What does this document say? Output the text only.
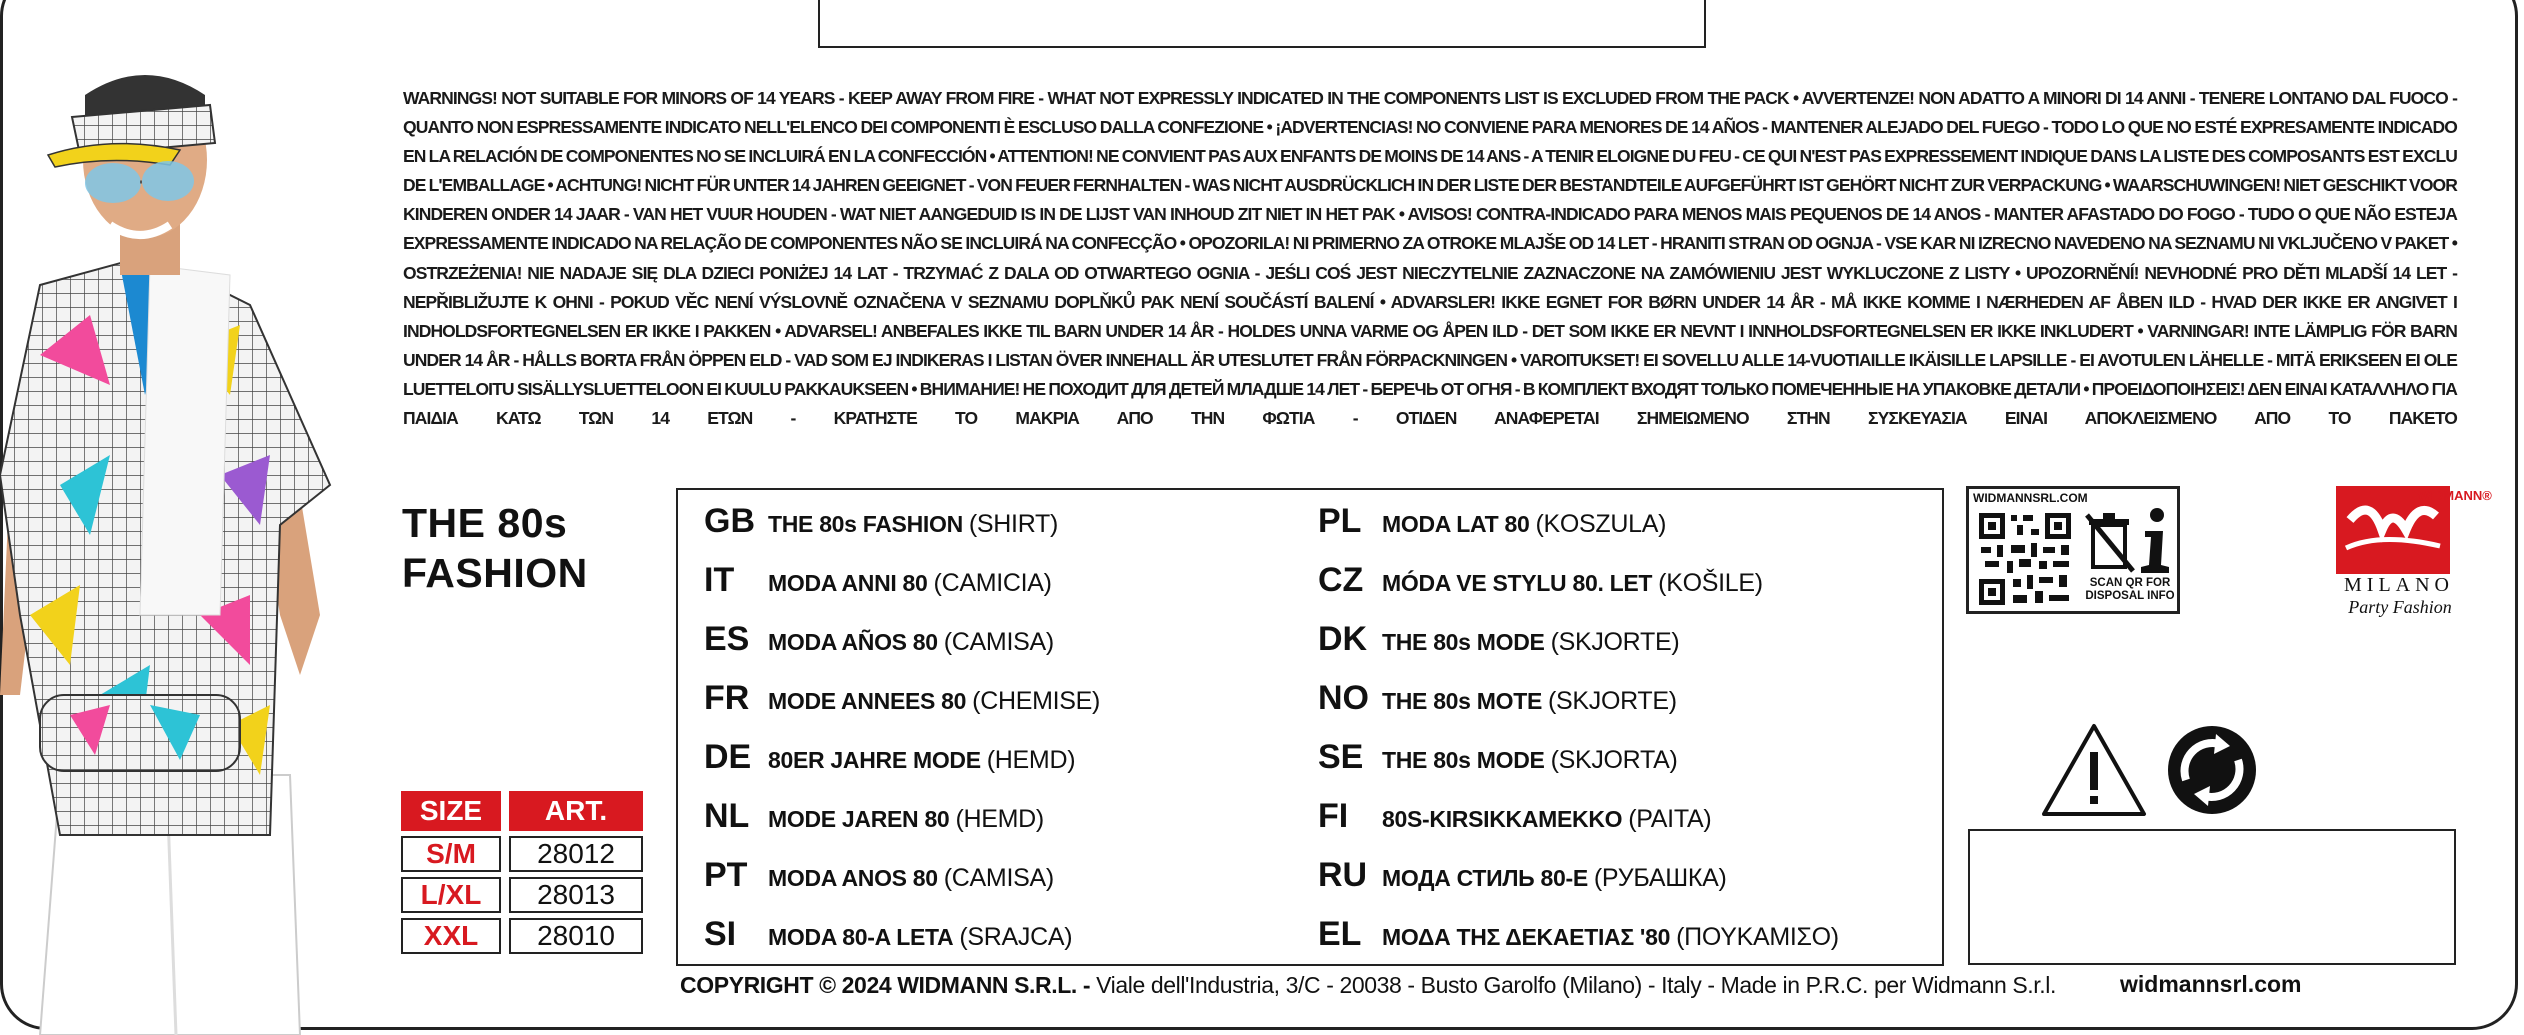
WARNINGS! NOT SUITABLE FOR MINORS OF 14 YEARS - KEEP AWAY FROM FIRE - WHAT NOT EXPRESSLY INDICATED IN THE COMPONENTS LIST IS EXCLUDED FROM THE PACK • AVVERTENZE! NON ADATTO A MINORI DI 14 ANNI - TENERE LONTANO DAL FUOCO - QUANTO NON ESPRESSAMENTE INDICATO NELL'ELENCO DEI COMPONENTI È ESCLUSO DALLA CONFEZIONE • ¡ADVERTENCIAS! NO CONVIENE PARA MENORES DE 14 AÑOS - MANTENER ALEJADO DEL FUEGO - TODO LO QUE NO ESTÉ EXPRESAMENTE INDICADO EN LA RELACIÓN DE COMPONENTES NO SE INCLUIRÁ EN LA CONFECCIÓN • ATTENTION! NE CONVIENT PAS AUX ENFANTS DE MOINS DE 14 ANS - A TENIR ELOIGNE DU FEU - CE QUI N'EST PAS EXPRESSEMENT INDIQUE DANS LA LISTE DES COMPOSANTS EST EXCLU DE L'EMBALLAGE • ACHTUNG! NICHT FÜR UNTER 14 JAHREN GEEIGNET - VON FEUER FERNHALTEN - WAS NICHT AUSDRÜCKLICH IN DER LISTE DER BESTANDTEILE AUFGEFÜHRT IST GEHÖRT NICHT ZUR VERPACKUNG • WAARSCHUWINGEN! NIET GESCHIKT VOOR KINDEREN ONDER 14 JAAR - VAN HET VUUR HOUDEN - WAT NIET AANGEDUID IS IN DE LIJST VAN INHOUD ZIT NIET IN HET PAK • AVISOS! CONTRA-INDICADO PARA MENOS MAIS PEQUENOS DE 14 ANOS - MANTER AFASTADO DO FOGO - TUDO O QUE NÃO ESTEJA EXPRESSAMENTE INDICADO NA RELAÇÃO DE COMPONENTES NÃO SE INCLUIRÁ NA CONFECÇÃO • OPOZORILA! NI PRIMERNO ZA OTROKE MLAJŠE OD 14 LET - HRANITI STRAN OD OGNJA - VSE KAR NI IZRECNO NAVEDENO NA SEZNAMU NI VKLJUČENO V PAKET • OSTRZEŻENIA! NIE NADAJE SIĘ DLA DZIECI PONIŻEJ 14 LAT - TRZYMAĆ Z DALA OD OTWARTEGO OGNIA - JEŚLI COŚ JEST NIECZYTELNIE ZAZNACZONE NA ZAMÓWIENIU JEST WYKLUCZONE Z LISTY • UPOZORNĚNÍ! NEVHODNÉ PRO DĚTI MLADŠÍ 14 LET - NEPŘIBLIŽUJTE K OHNI - POKUD VĚC NENÍ VÝSLOVNĚ OZNAČENA V SEZNAMU DOPLŇKŮ PAK NENÍ SOUČÁSTÍ BALENÍ • ADVARSLER! IKKE EGNET FOR BØRN UNDER 14 ÅR - MÅ IKKE KOMME I NÆRHEDEN AF ÅBEN ILD - HVAD DER IKKE ER ANGIVET I INDHOLDSFORTEGNELSEN ER IKKE I PAKKEN • ADVARSEL! ANBEFALES IKKE TIL BARN UNDER 14 ÅR - HOLDES UNNA VARME OG ÅPEN ILD - DET SOM IKKE ER NEVNT I INNHOLDSFORTEGNELSEN ER IKKE INKLUDERT • VARNINGAR! INTE LÄMPLIG FÖR BARN UNDER 14 ÅR - HÅLLS BORTA FRÅN ÖPPEN ELD - VAD SOM EJ INDIKERAS I LISTAN ÖVER INNEHALL ÄR UTESLUTET FRÅN FÖRPACKNINGEN • VAROITUKSET! EI SOVELLU ALLE 14-VUOTIAILLE IKÄISILLE LAPSILLE - EI AVOTULEN LÄHELLE - MITÄ ERIKSEEN EI OLE LUETTELOITU SISÄLLYSLUETTELOON EI KUULU PAKKAUKSEEN • ВНИМАНИЕ! НЕ ПОХОДИТ ДЛЯ ДЕТЕЙ МЛАДШЕ 14 ЛЕТ - БЕРЕЧЬ ОТ ОГНЯ - В КОМПЛЕКТ ВХОДЯТ ТОЛЬКО ПОМЕЧЕННЫЕ НА УПАКОВКЕ ДЕТАЛИ • ΠΡΟΕΙΔΟΠΟΙΗΣΕΙΣ! ΔΕΝ ΕΙΝΑΙ ΚΑΤΑΛΛΗΛΟ ΓΙΑ ΠΑΙΔΙΑ ΚΑΤΩ ΤΩΝ 14 ΕΤΩΝ - ΚΡΑΤΗΣΤΕ ΤΟ ΜΑΚΡΙΑ ΑΠΟ ΤΗΝ ΦΩΤΙΑ - ΟΤΙΔΕΝ ΑΝΑΦΕΡΕΤΑΙ ΣΗΜΕΙΩΜΕΝΟ ΣΤΗΝ ΣΥΣΚΕΥΑΣΙΑ ΕΙΝΑΙ ΑΠΟΚΛΕΙΣΜΕΝΟ ΑΠΟ ΤΟ ΠΑΚΕΤΟ

THE 80s
FASHION
SIZE	ART.
S/M	28012
L/XL	28013
XXL	28010
GB THE 80s FASHION (SHIRT)
IT	MODA ANNI 80 (CAMICIA)
ES MODA AÑOS 80 (CAMISA)
FR MODE ANNEES 80 (CHEMISE)
DE 80ER JAHRE MODE (HEMD)
NL MODE JAREN 80 (HEMD)
PT MODA ANOS 80 (CAMISA)
SI	MODA 80-A LETA (SRAJCA)
PL MODA LAT 80 (KOSZULA)
CZ MÓDA VE STYLU 80. LET (KOŠILE)
DK THE 80s MODE (SKJORTE)
NO THE 80s MOTE (SKJORTE)
SE THE 80s MODE (SKJORTA)
FI	80S-KIRSIKKAMEKKO (PAITA)
RU МОДА СТИЛЬ 80-Е (РУБАШКА)
EL ΜΟΔΑ ΤΗΣ ΔΕΚΑΕΤΙΑΣ '80 (ΠΟΥΚΑΜΙΣΟ)
WIDMANNSRL.COM
SCAN QR FOR DISPOSAL INFO
WIDMANN®
MILANO
Party Fashion
COPYRIGHT © 2024 WIDMANN S.R.L. - Viale dell'Industria, 3/C - 20038 - Busto Garolfo (Milano) - Italy - Made in P.R.C. per Widmann S.r.l.	widmannsrl.com
